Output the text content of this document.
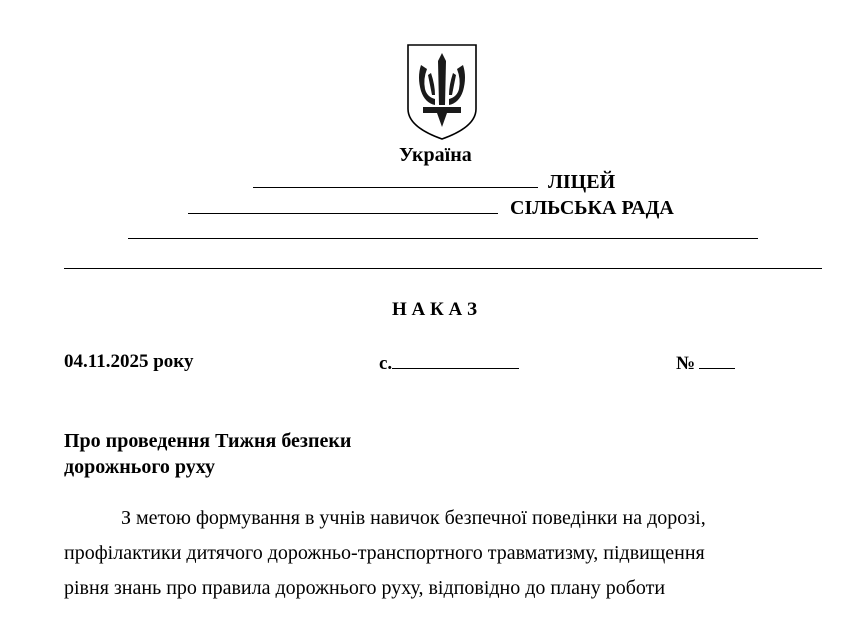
Україна
ЛІЦЕЙ
СІЛЬСЬКА РАДА
Н А К А З
04.11.2025 року	с.	№
Про проведення Тижня безпеки
дорожнього руху
З метою формування в учнів навичок безпечної поведінки на дорозі,
профілактики дитячого дорожньо-транспортного травматизму, підвищення
рівня знань про правила дорожнього руху, відповідно до плану роботи
